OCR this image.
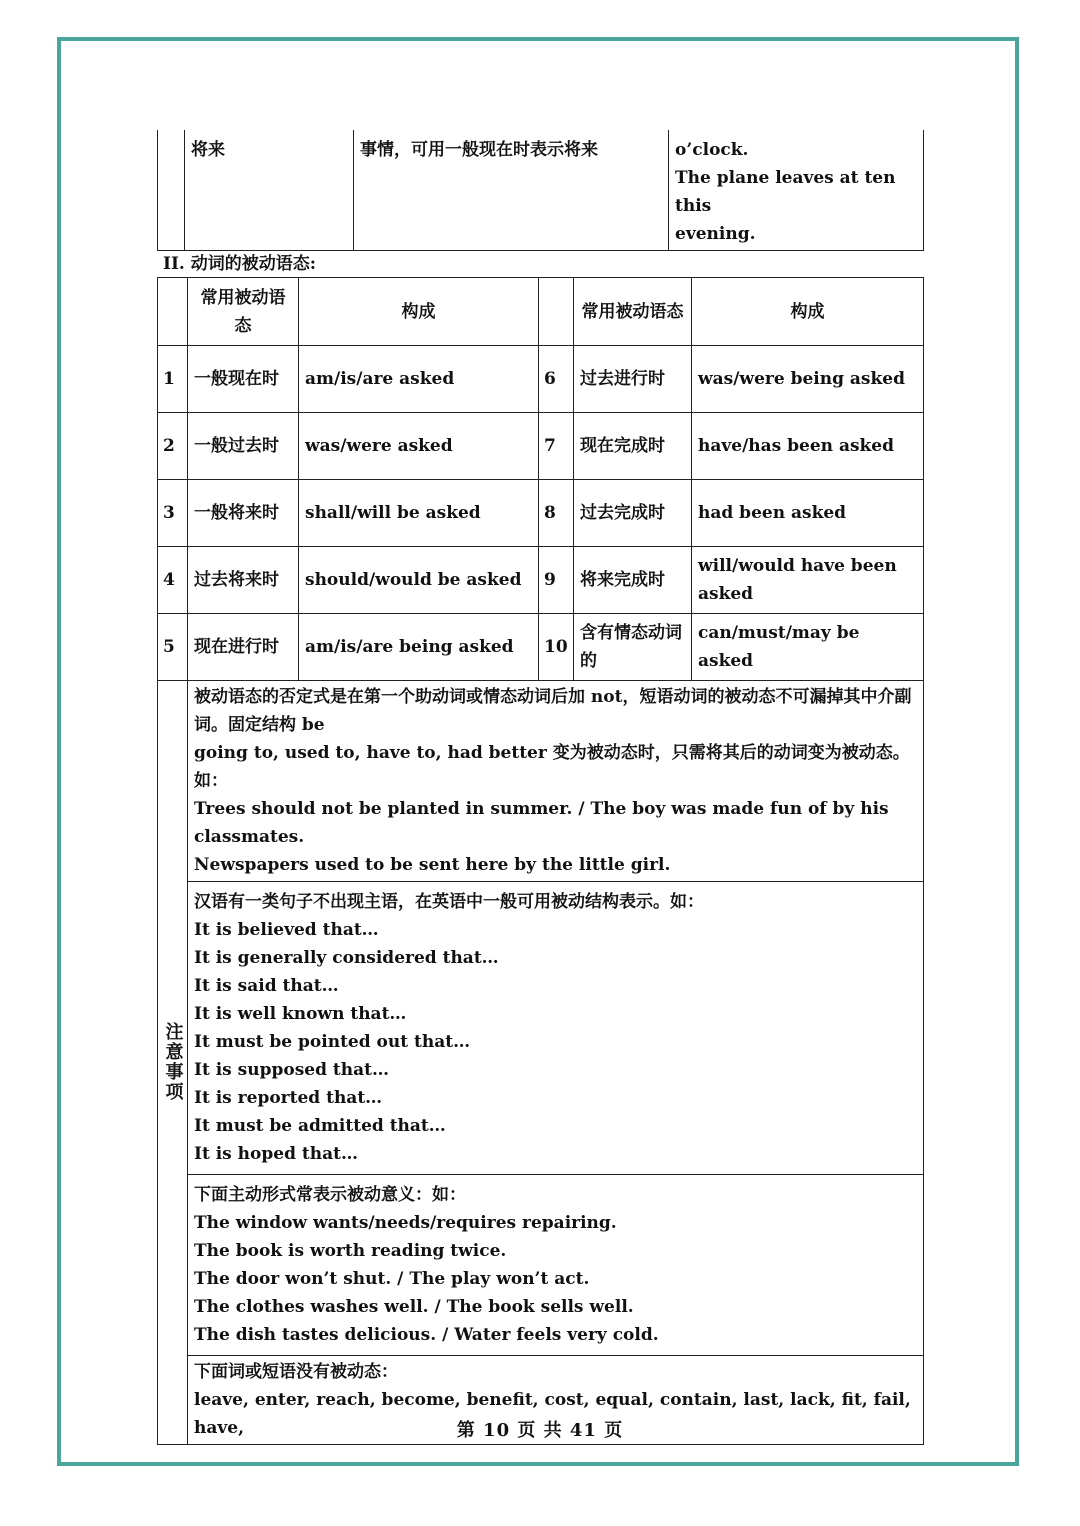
	将来	事情，可用一般现在时表示将来	o’clock.
The plane leaves at ten this
evening.
II. 动词的被动语态:
	常用被动语态	构成		常用被动语态	构成
1	一般现在时	am/is/are asked	6	过去进行时	was/were being asked
2	一般过去时	was/were asked	7	现在完成时	have/has been asked
3	一般将来时	shall/will be asked	8	过去完成时	had been asked
4	过去将来时	should/would be asked	9	将来完成时	will/would have been asked
5	现在进行时	am/is/are being asked	10	含有情态动词的	can/must/may be asked
注意事项	
被动语态的否定式是在第一个助动词或情态动词后加 not，短语动词的被动态不可漏掉其中介副词。固定结构 be
going to, used to, have to, had better 变为被动态时，只需将其后的动词变为被动态。如：
Trees should not be planted in summer. / The boy was made fun of by his classmates.
Newspapers used to be sent here by the little girl.

汉语有一类句子不出现主语，在英语中一般可用被动结构表示。如：
It is believed that…
It is generally considered that…
It is said that…
It is well known that…
It must be pointed out that…
It is supposed that…
It is reported that…
It must be admitted that…
It is hoped that…

下面主动形式常表示被动意义：如：
The window wants/needs/requires repairing.
The book is worth reading twice.
The door won’t shut. / The play won’t act.
The clothes washes well. / The book sells well.
The dish tastes delicious. / Water feels very cold.

下面词或短语没有被动态：
leave, enter, reach, become, benefit, cost, equal, contain, last, lack, fit, fail, have,	第 10 页 共 41 页
